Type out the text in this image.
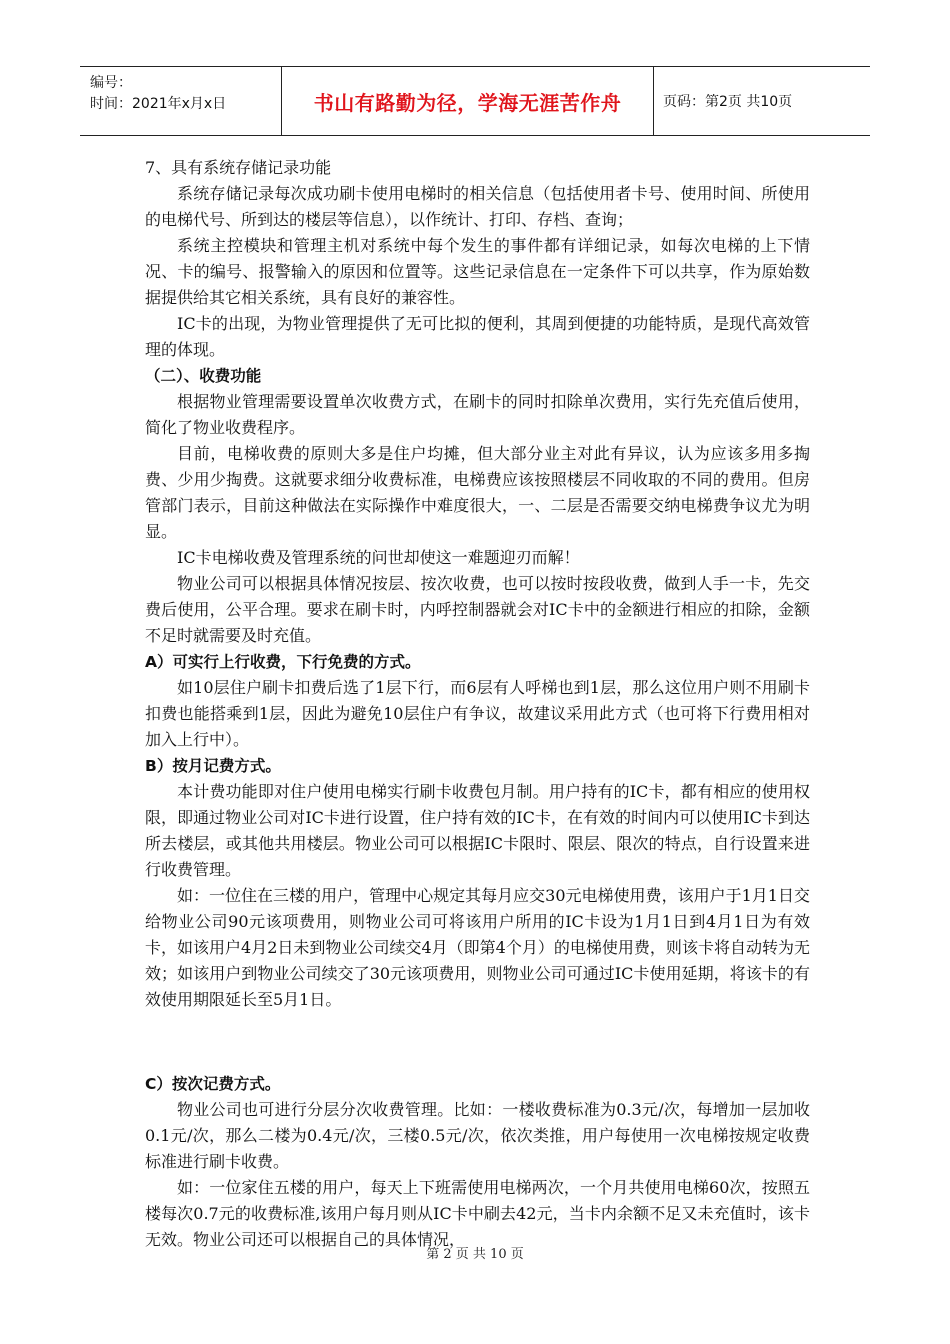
编号：
时间：2021年x月x日	书山有路勤为径，学海无涯苦作舟	页码：第2页 共10页

7、具有系统存储记录功能

系统存储记录每次成功刷卡使用电梯时的相关信息（包括使用者卡号、使用时间、所使用的电梯代号、所到达的楼层等信息），以作统计、打印、存档、查询；

系统主控模块和管理主机对系统中每个发生的事件都有详细记录，如每次电梯的上下情况、卡的编号、报警输入的原因和位置等。这些记录信息在一定条件下可以共享，作为原始数据提供给其它相关系统，具有良好的兼容性。

IC卡的出现，为物业管理提供了无可比拟的便利，其周到便捷的功能特质，是现代高效管理的体现。

（二）、收费功能

根据物业管理需要设置单次收费方式，在刷卡的同时扣除单次费用，实行先充值后使用，简化了物业收费程序。

目前，电梯收费的原则大多是住户均摊，但大部分业主对此有异议，认为应该多用多掏费、少用少掏费。这就要求细分收费标准，电梯费应该按照楼层不同收取的不同的费用。但房管部门表示，目前这种做法在实际操作中难度很大，一、二层是否需要交纳电梯费争议尤为明显。

IC卡电梯收费及管理系统的问世却使这一难题迎刃而解！

物业公司可以根据具体情况按层、按次收费，也可以按时按段收费，做到人手一卡，先交费后使用，公平合理。要求在刷卡时，内呼控制器就会对IC卡中的金额进行相应的扣除，金额不足时就需要及时充值。

A）可实行上行收费，下行免费的方式。

如10层住户刷卡扣费后选了1层下行，而6层有人呼梯也到1层，那么这位用户则不用刷卡扣费也能搭乘到1层，因此为避免10层住户有争议，故建议采用此方式（也可将下行费用相对加入上行中）。

B）按月记费方式。

本计费功能即对住户使用电梯实行刷卡收费包月制。用户持有的IC卡，都有相应的使用权限，即通过物业公司对IC卡进行设置，住户持有效的IC卡，在有效的时间内可以使用IC卡到达所去楼层，或其他共用楼层。物业公司可以根据IC卡限时、限层、限次的特点，自行设置来进行收费管理。

如：一位住在三楼的用户，管理中心规定其每月应交30元电梯使用费，该用户于1月1日交给物业公司90元该项费用，则物业公司可将该用户所用的IC卡设为1月1日到4月1日为有效卡，如该用户4月2日未到物业公司续交4月（即第4个月）的电梯使用费，则该卡将自动转为无效；如该用户到物业公司续交了30元该项费用，则物业公司可通过IC卡使用延期，将该卡的有效使用期限延长至5月1日。

C）按次记费方式。

物业公司也可进行分层分次收费管理。比如：一楼收费标准为0.3元/次，每增加一层加收0.1元/次，那么二楼为0.4元/次，三楼0.5元/次，依次类推，用户每使用一次电梯按规定收费标准进行刷卡收费。

如：一位家住五楼的用户，每天上下班需使用电梯两次，一个月共使用电梯60次，按照五楼每次0.7元的收费标准,该用户每月则从IC卡中刷去42元，当卡内余额不足又未充值时，该卡无效。物业公司还可以根据自己的具体情况，

第 2 页 共 10 页
